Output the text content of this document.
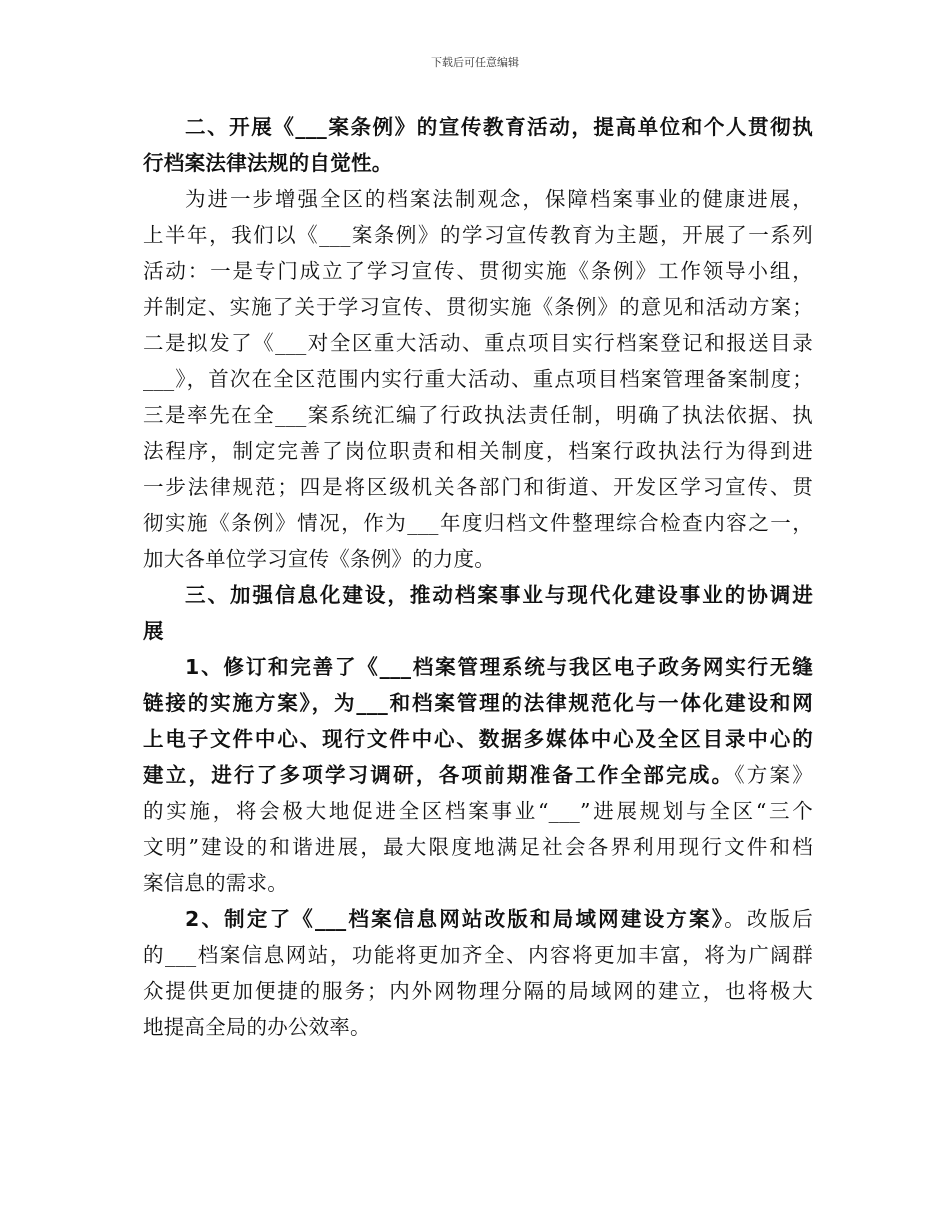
下载后可任意编辑
二、开展《___案条例》的宣传教育活动，提高单位和个人贯彻执
行档案法律法规的自觉性。
为进一步增强全区的档案法制观念，保障档案事业的健康进展，
上半年，我们以《___案条例》的学习宣传教育为主题，开展了一系列
活动：一是专门成立了学习宣传、贯彻实施《条例》工作领导小组，
并制定、实施了关于学习宣传、贯彻实施《条例》的意见和活动方案；
二是拟发了《___对全区重大活动、重点项目实行档案登记和报送目录
___》，首次在全区范围内实行重大活动、重点项目档案管理备案制度；
三是率先在全___案系统汇编了行政执法责任制，明确了执法依据、执
法程序，制定完善了岗位职责和相关制度，档案行政执法行为得到进
一步法律规范；四是将区级机关各部门和街道、开发区学习宣传、贯
彻实施《条例》情况，作为___年度归档文件整理综合检查内容之一，
加大各单位学习宣传《条例》的力度。
三、加强信息化建设，推动档案事业与现代化建设事业的协调进
展
1、修订和完善了《___档案管理系统与我区电子政务网实行无缝
链接的实施方案》，为___和档案管理的法律规范化与一体化建设和网
上电子文件中心、现行文件中心、数据多媒体中心及全区目录中心的
建立，进行了多项学习调研，各项前期准备工作全部完成。《方案》
的实施，将会极大地促进全区档案事业“___”进展规划与全区“三个
文明”建设的和谐进展，最大限度地满足社会各界利用现行文件和档
案信息的需求。
2、制定了《___档案信息网站改版和局域网建设方案》。改版后
的___档案信息网站，功能将更加齐全、内容将更加丰富，将为广阔群
众提供更加便捷的服务；内外网物理分隔的局域网的建立，也将极大
地提高全局的办公效率。
